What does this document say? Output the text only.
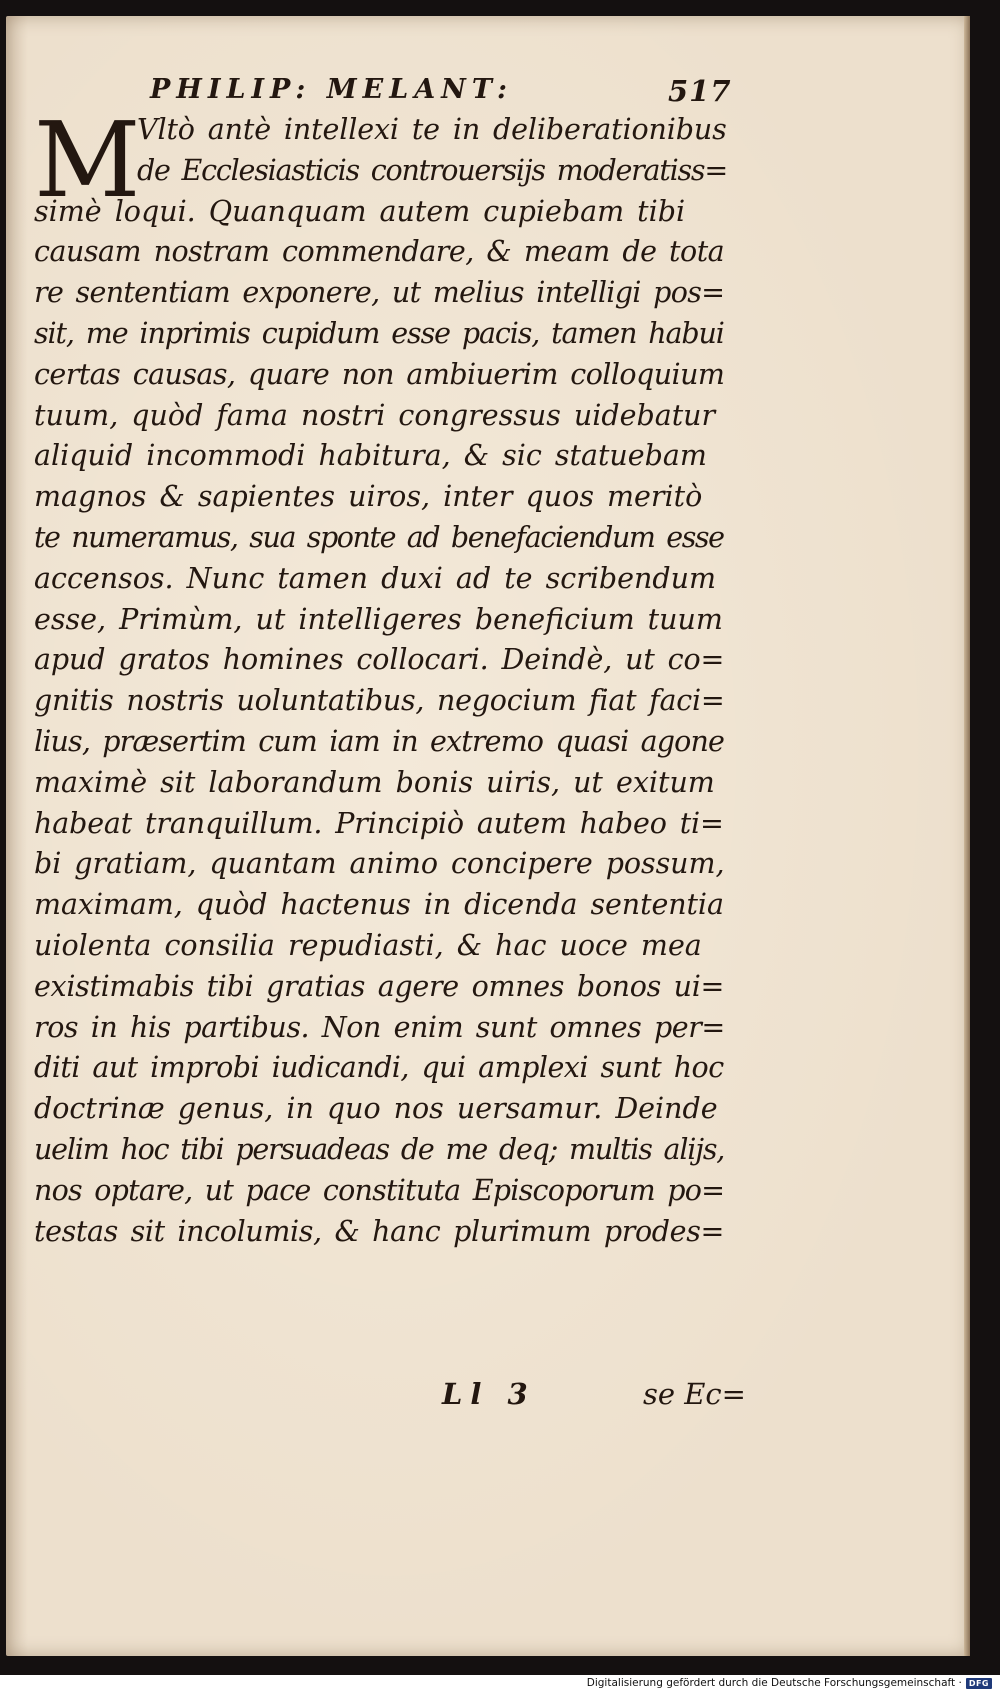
PHILIP: MELANT:	517
M
Vltò antè intellexi te in deliberationibus
de Ecclesiasticis controuersijs moderatiss=
simè loqui. Quanquam autem cupiebam tibi
causam nostram commendare, & meam de tota
re sententiam exponere, ut melius intelligi pos=
sit, me inprimis cupidum esse pacis, tamen habui
certas causas, quare non ambiuerim colloquium
tuum, quòd fama nostri congressus uidebatur
aliquid incommodi habitura, & sic statuebam
magnos & sapientes uiros, inter quos meritò
te numeramus, sua sponte ad benefaciendum esse
accensos. Nunc tamen duxi ad te scribendum
esse, Primùm, ut intelligeres beneficium tuum
apud gratos homines collocari. Deindè, ut co=
gnitis nostris uoluntatibus, negocium fiat faci=
lius, præsertim cum iam in extremo quasi agone
maximè sit laborandum bonis uiris, ut exitum
habeat tranquillum. Principiò autem habeo ti=
bi gratiam, quantam animo concipere possum,
maximam, quòd hactenus in dicenda sententia
uiolenta consilia repudiasti, & hac uoce mea
existimabis tibi gratias agere omnes bonos ui=
ros in his partibus. Non enim sunt omnes per=
diti aut improbi iudicandi, qui amplexi sunt hoc
doctrinæ genus, in quo nos uersamur. Deinde
uelim hoc tibi persuadeas de me deq; multis alijs,
nos optare, ut pace constituta Episcoporum po=
testas sit incolumis, & hanc plurimum prodes=
Ll 3	se Ec=
Digitalisierung gefördert durch die Deutsche Forschungsgemeinschaft · DFG
